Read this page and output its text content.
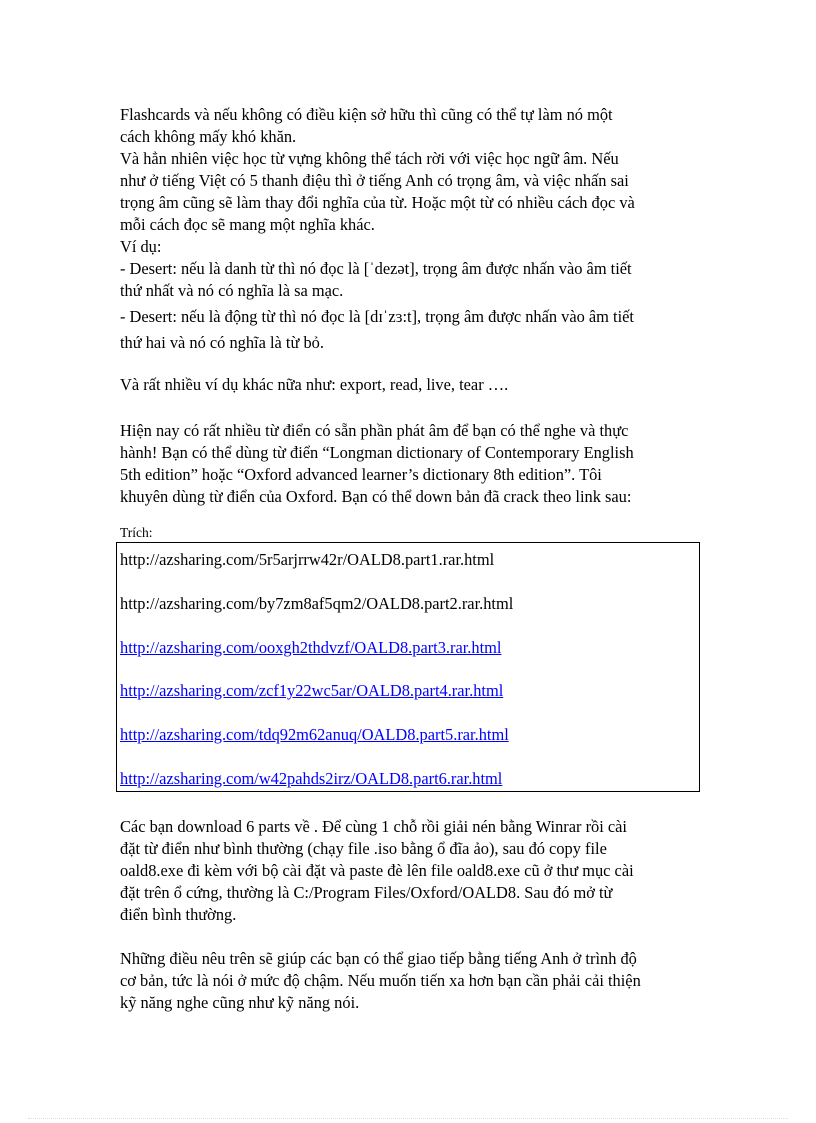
Flashcards và nếu không có điều kiện sở hữu thì cũng có thể tự làm nó một
cách không mấy khó khăn.
Và hẳn nhiên việc học từ vựng không thể tách rời với việc học ngữ âm. Nếu
như ở tiếng Việt có 5 thanh điệu thì ở tiếng Anh có trọng âm, và việc nhấn sai
trọng âm cũng sẽ làm thay đổi nghĩa của từ. Hoặc một từ có nhiều cách đọc và
mỗi cách đọc sẽ mang một nghĩa khác.
Ví dụ:
- Desert: nếu là danh từ thì nó đọc là [ˈdezət], trọng âm được nhấn vào âm tiết
thứ nhất và nó có nghĩa là sa mạc.
- Desert: nếu là động từ thì nó đọc là [dɪˈzɜ:t], trọng âm được nhấn vào âm tiết
thứ hai và nó có nghĩa là từ bỏ.
Và rất nhiều ví dụ khác nữa như: export, read, live, tear ….
Hiện nay có rất nhiều từ điển có sẵn phần phát âm để bạn có thể nghe và thực
hành! Bạn có thể dùng từ điển “Longman dictionary of Contemporary English
5th edition” hoặc “Oxford advanced learner’s dictionary 8th edition”. Tôi
khuyên dùng từ điển của Oxford. Bạn có thể down bản đã crack theo link sau:
Trích:
http://azsharing.com/5r5arjrrw42r/OALD8.part1.rar.html
http://azsharing.com/by7zm8af5qm2/OALD8.part2.rar.html
http://azsharing.com/ooxgh2thdvzf/OALD8.part3.rar.html
http://azsharing.com/zcf1y22wc5ar/OALD8.part4.rar.html
http://azsharing.com/tdq92m62anuq/OALD8.part5.rar.html
http://azsharing.com/w42pahds2irz/OALD8.part6.rar.html
Các bạn download 6 parts về . Để cùng 1 chỗ rồi giải nén bằng Winrar rồi cài
đặt từ điển như bình thường (chạy file .iso bằng ổ đĩa ảo), sau đó copy file
oald8.exe đi kèm với bộ cài đặt và paste đè lên file oald8.exe cũ ở thư mục cài
đặt trên ổ cứng, thường là C:/Program Files/Oxford/OALD8. Sau đó mở từ
điển bình thường.
Những điều nêu trên sẽ giúp các bạn có thể giao tiếp bằng tiếng Anh ở trình độ
cơ bản, tức là nói ở mức độ chậm. Nếu muốn tiến xa hơn bạn cần phải cải thiện
kỹ năng nghe cũng như kỹ năng nói.
